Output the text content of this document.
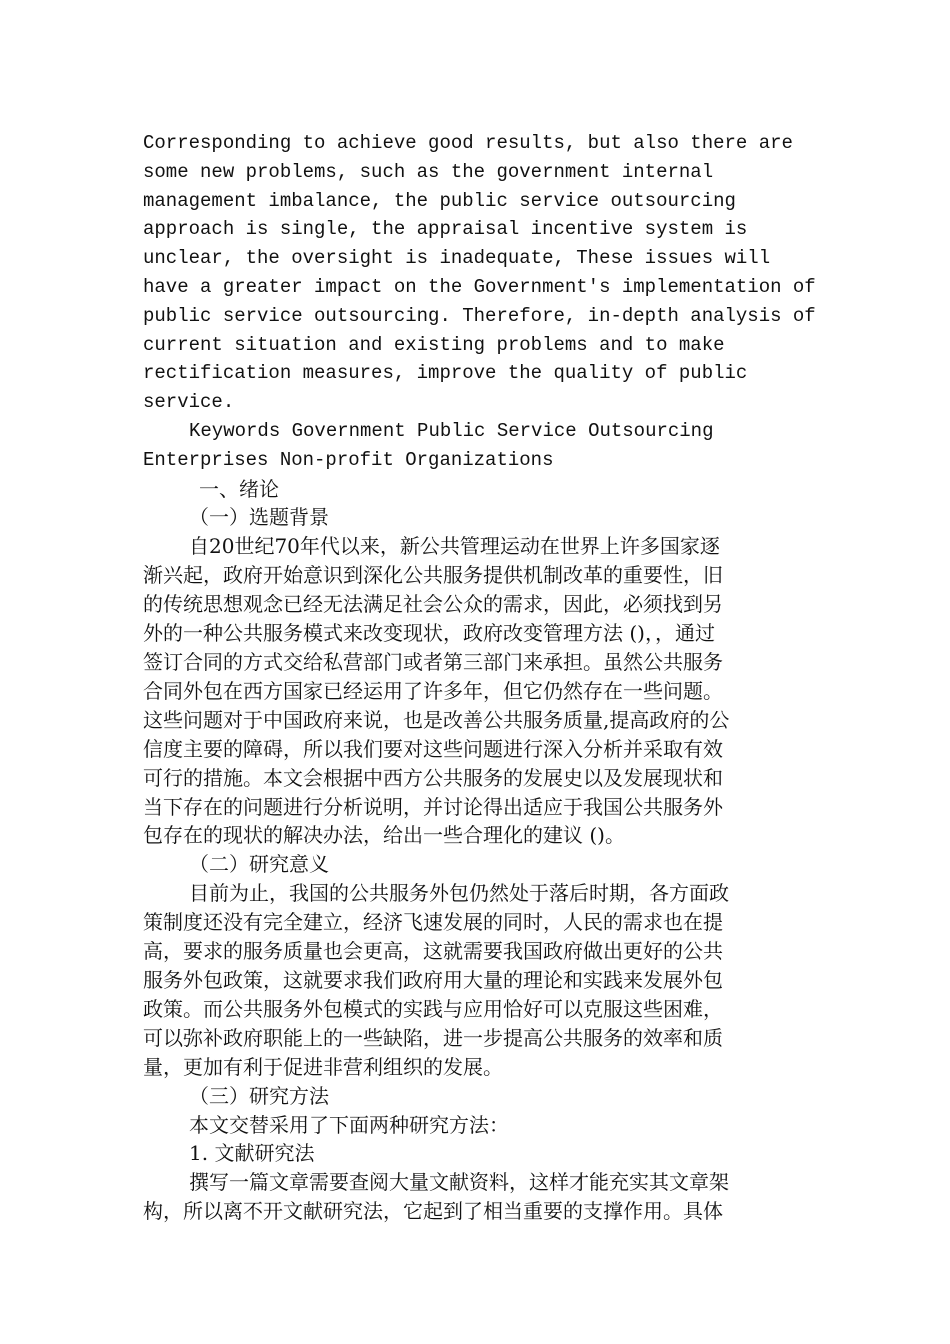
Corresponding to achieve good results, but also there are

some new problems, such as the government internal

management imbalance, the public service outsourcing

approach is single, the appraisal incentive system is

unclear, the oversight is inadequate, These issues will

have a greater impact on the Government's implementation of

public service outsourcing. Therefore, in-depth analysis of

current situation and existing problems and to make

rectification measures, improve the quality of public

service.

Keywords Government Public Service Outsourcing

Enterprises Non-profit Organizations

一、绪论

（一）选题背景

自20世纪70年代以来，新公共管理运动在世界上许多国家逐

渐兴起，政府开始意识到深化公共服务提供机制改革的重要性，旧

的传统思想观念已经无法满足社会公众的需求，因此，必须找到另

外的一种公共服务模式来改变现状，政府改变管理方法 ()，，通过

签订合同的方式交给私营部门或者第三部门来承担。虽然公共服务

合同外包在西方国家已经运用了许多年，但它仍然存在一些问题。

这些问题对于中国政府来说，也是改善公共服务质量,提高政府的公

信度主要的障碍，所以我们要对这些问题进行深入分析并采取有效

可行的措施。本文会根据中西方公共服务的发展史以及发展现状和

当下存在的问题进行分析说明，并讨论得出适应于我国公共服务外

包存在的现状的解决办法，给出一些合理化的建议 ()。

（二）研究意义

目前为止，我国的公共服务外包仍然处于落后时期，各方面政

策制度还没有完全建立，经济飞速发展的同时，人民的需求也在提

高，要求的服务质量也会更高，这就需要我国政府做出更好的公共

服务外包政策，这就要求我们政府用大量的理论和实践来发展外包

政策。而公共服务外包模式的实践与应用恰好可以克服这些困难，

可以弥补政府职能上的一些缺陷，进一步提高公共服务的效率和质

量，更加有利于促进非营利组织的发展。

（三）研究方法

本文交替采用了下面两种研究方法：

1. 文献研究法

撰写一篇文章需要查阅大量文献资料，这样才能充实其文章架

构，所以离不开文献研究法，它起到了相当重要的支撑作用。具体
